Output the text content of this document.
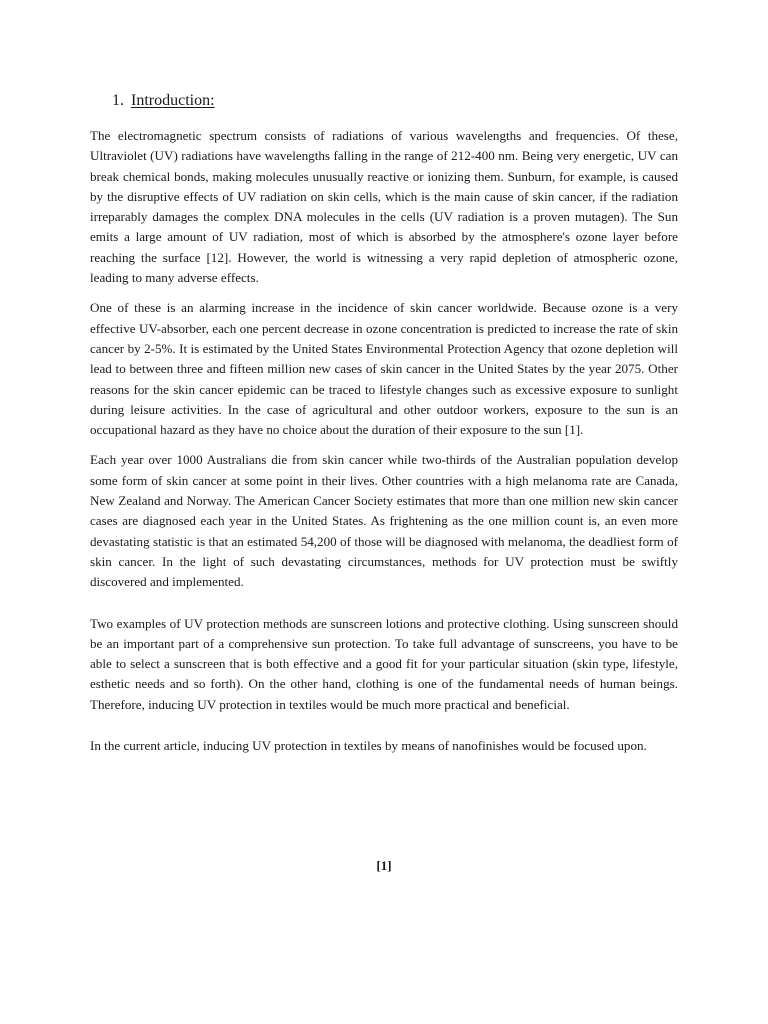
1. Introduction:

The electromagnetic spectrum consists of radiations of various wavelengths and frequencies. Of these, Ultraviolet (UV) radiations have wavelengths falling in the range of 212-400 nm. Being very energetic, UV can break chemical bonds, making molecules unusually reactive or ionizing them. Sunburn, for example, is caused by the disruptive effects of UV radiation on skin cells, which is the main cause of skin cancer, if the radiation irreparably damages the complex DNA molecules in the cells (UV radiation is a proven mutagen). The Sun emits a large amount of UV radiation, most of which is absorbed by the atmosphere's ozone layer before reaching the surface [12]. However, the world is witnessing a very rapid depletion of atmospheric ozone, leading to many adverse effects.

One of these is an alarming increase in the incidence of skin cancer worldwide. Because ozone is a very effective UV-absorber, each one percent decrease in ozone concentration is predicted to increase the rate of skin cancer by 2-5%. It is estimated by the United States Environmental Protection Agency that ozone depletion will lead to between three and fifteen million new cases of skin cancer in the United States by the year 2075. Other reasons for the skin cancer epidemic can be traced to lifestyle changes such as excessive exposure to sunlight during leisure activities. In the case of agricultural and other outdoor workers, exposure to the sun is an occupational hazard as they have no choice about the duration of their exposure to the sun [1].

Each year over 1000 Australians die from skin cancer while two-thirds of the Australian population develop some form of skin cancer at some point in their lives. Other countries with a high melanoma rate are Canada, New Zealand and Norway. The American Cancer Society estimates that more than one million new skin cancer cases are diagnosed each year in the United States. As frightening as the one million count is, an even more devastating statistic is that an estimated 54,200 of those will be diagnosed with melanoma, the deadliest form of skin cancer. In the light of such devastating circumstances, methods for UV protection must be swiftly discovered and implemented.

Two examples of UV protection methods are sunscreen lotions and protective clothing. Using sunscreen should be an important part of a comprehensive sun protection. To take full advantage of sunscreens, you have to be able to select a sunscreen that is both effective and a good fit for your particular situation (skin type, lifestyle, esthetic needs and so forth). On the other hand, clothing is one of the fundamental needs of human beings. Therefore, inducing UV protection in textiles would be much more practical and beneficial.

In the current article, inducing UV protection in textiles by means of nanofinishes would be focused upon.

[1]
